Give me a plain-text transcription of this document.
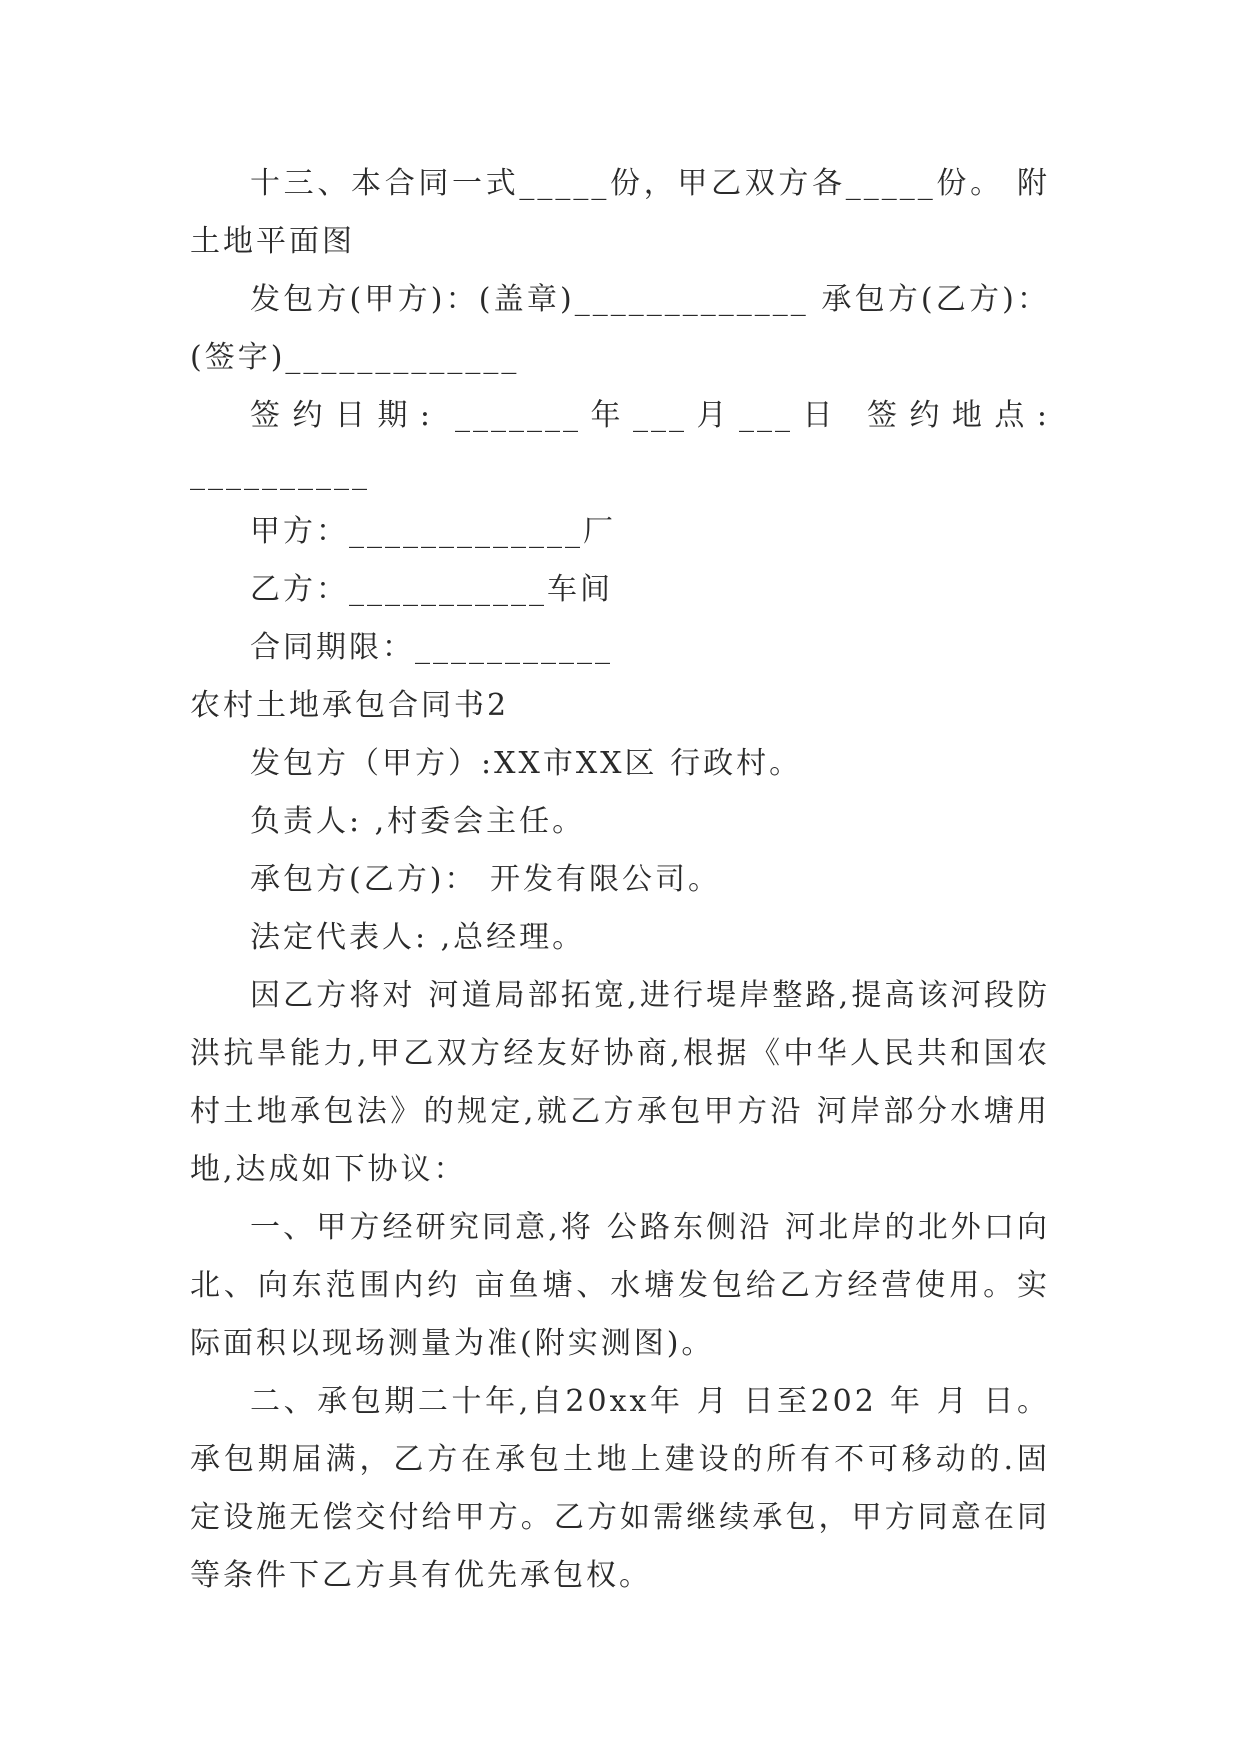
十三、本合同一式_____份，甲乙双方各_____份。 附土地平面图

发包方(甲方)：(盖章)_____________ 承包方(乙方)：(签字)_____________

签约日期: _______年___月___日 签约地点: __________

甲方：_____________厂

乙方：___________车间

合同期限：___________

农村土地承包合同书2

发包方（甲方）:XX市XX区 行政村。

负责人: ,村委会主任。

承包方(乙方)： 开发有限公司。

法定代表人: ,总经理。

因乙方将对 河道局部拓宽,进行堤岸整路,提高该河段防洪抗旱能力,甲乙双方经友好协商,根据《中华人民共和国农村土地承包法》的规定,就乙方承包甲方沿 河岸部分水塘用地,达成如下协议：

一、甲方经研究同意,将 公路东侧沿 河北岸的北外口向北、向东范围内约 亩鱼塘、水塘发包给乙方经营使用。实际面积以现场测量为准(附实测图)。

二、承包期二十年,自20xx年 月 日至202 年 月 日。承包期届满，乙方在承包土地上建设的所有不可移动的.固定设施无偿交付给甲方。乙方如需继续承包，甲方同意在同等条件下乙方具有优先承包权。
